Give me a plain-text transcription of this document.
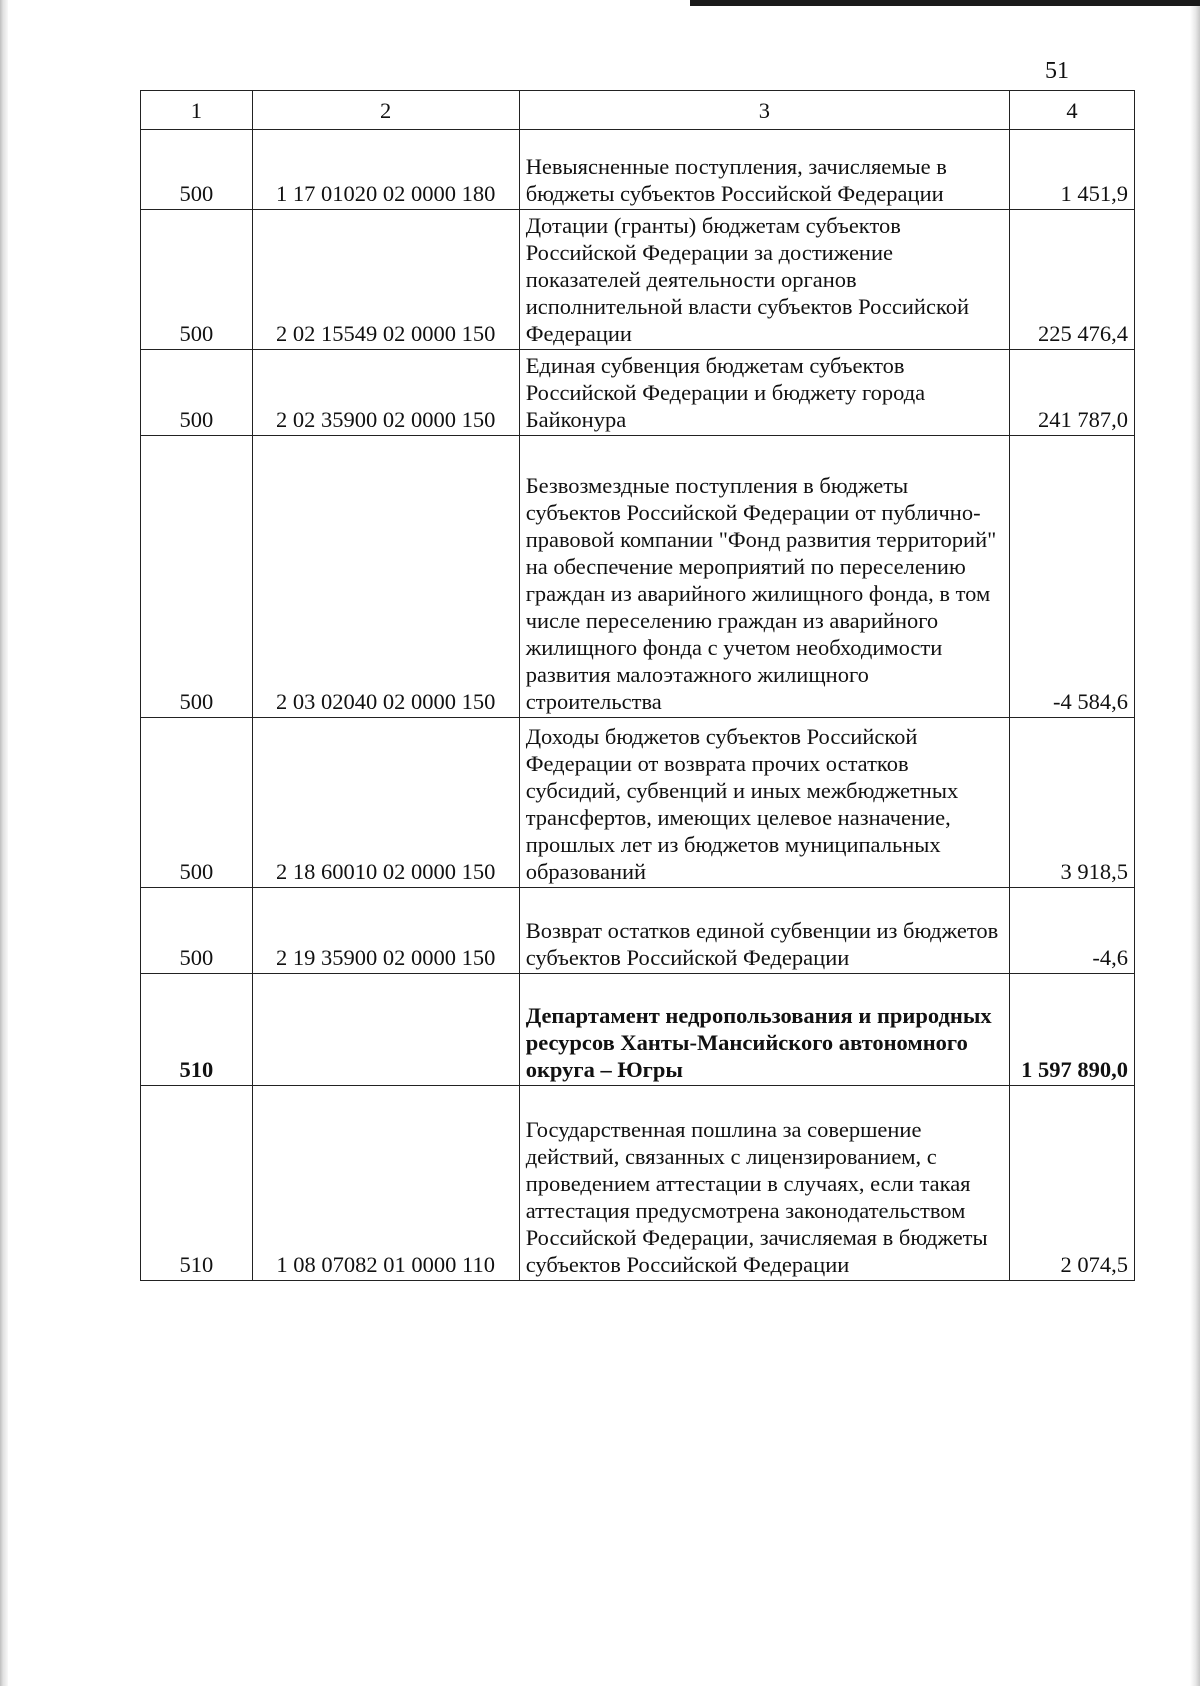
51
1	2	3	4
500	1 17 01020 02 0000 180	Невыясненные поступления, зачисляемые в бюджеты субъектов Российской Федерации	1 451,9
500	2 02 15549 02 0000 150	Дотации (гранты) бюджетам субъектов Российской Федерации за достижение показателей деятельности органов исполнительной власти субъектов Российской Федерации	225 476,4
500	2 02 35900 02 0000 150	Единая субвенция бюджетам субъектов Российской Федерации и бюджету города Байконура	241 787,0
500	2 03 02040 02 0000 150	Безвозмездные поступления в бюджеты субъектов Российской Федерации от публично-правовой компании "Фонд развития территорий" на обеспечение мероприятий по переселению граждан из аварийного жилищного фонда, в том числе переселению граждан из аварийного жилищного фонда с учетом необходимости развития малоэтажного жилищного строительства	-4 584,6
500	2 18 60010 02 0000 150	Доходы бюджетов субъектов Российской Федерации от возврата прочих остатков субсидий, субвенций и иных межбюджетных трансфертов, имеющих целевое назначение, прошлых лет из бюджетов муниципальных образований	3 918,5
500	2 19 35900 02 0000 150	Возврат остатков единой субвенции из бюджетов субъектов Российской Федерации	-4,6
510		Департамент недропользования и природных ресурсов Ханты-Мансийского автономного округа – Югры	1 597 890,0
510	1 08 07082 01 0000 110	Государственная пошлина за совершение действий, связанных с лицензированием, с проведением аттестации в случаях, если такая аттестация предусмотрена законодательством Российской Федерации, зачисляемая в бюджеты субъектов Российской Федерации	2 074,5
